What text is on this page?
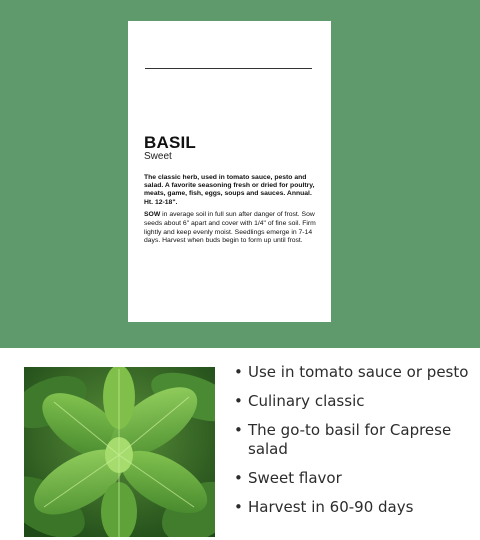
BASIL
Sweet
The classic herb, used in tomato sauce, pesto and salad. A favorite seasoning fresh or dried for poultry, meats, game, fish, eggs, soups and sauces. Annual. Ht. 12-18".
SOW in average soil in full sun after danger of frost. Sow seeds about 6" apart and cover with 1/4" of fine soil. Firm lightly and keep evenly moist. Seedlings emerge in 7-14 days. Harvest when buds begin to form up until frost.
• Use in tomato sauce or pesto
• Culinary classic
• The go-to basil for Caprese salad
• Sweet flavor
• Harvest in 60-90 days
